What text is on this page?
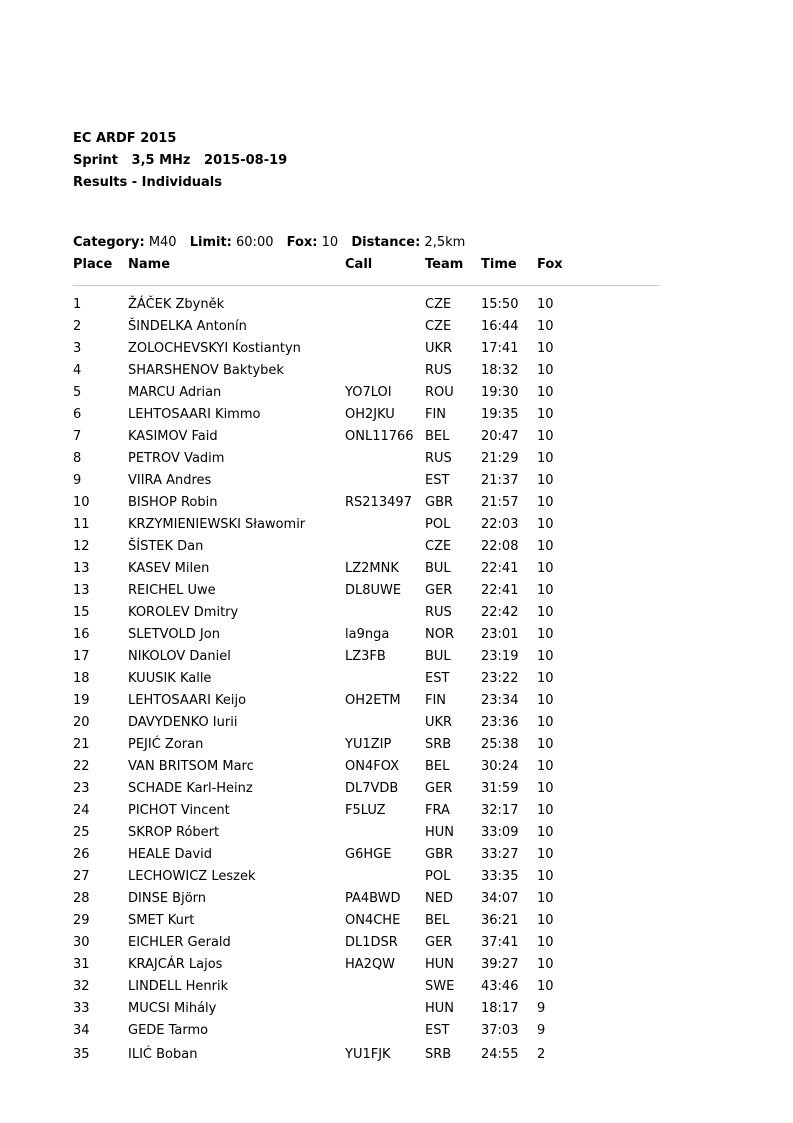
EC ARDF 2015
Sprint 3,5 MHz 2015-08-19
Results - Individuals
Category: M40 Limit: 60:00 Fox: 10 Distance: 2,5km
Place Name	Call	Team Time Fox
1	ŽÁČEK Zbyněk	CZE 15:50 10
2	ŠINDELKA Antonín	CZE 16:44 10
3	ZOLOCHEVSKYI Kostiantyn	UKR 17:41 10
4	SHARSHENOV Baktybek	RUS 18:32 10
5	MARCU Adrian	YO7LOI	ROU 19:30 10
6	LEHTOSAARI Kimmo	OH2JKU FIN	19:35 10
7	KASIMOV Faid	ONL11766 BEL 20:47 10
8	PETROV Vadim	RUS 21:29 10
9	VIIRA Andres	EST 21:37 10
10	BISHOP Robin	RS213497 GBR 21:57 10
11	KRZYMIENIEWSKI Sławomir	POL 22:03 10
12	ŠÍSTEK Dan	CZE 22:08 10
13	KASEV Milen	LZ2MNK BUL 22:41 10
13	REICHEL Uwe	DL8UWE GER 22:41 10
15	KOROLEV Dmitry	RUS 22:42 10
16	SLETVOLD Jon	la9nga	NOR 23:01 10
17	NIKOLOV Daniel	LZ3FB	BUL 23:19 10
18	KUUSIK Kalle	EST 23:22 10
19	LEHTOSAARI Keijo	OH2ETM FIN	23:34 10
20	DAVYDENKO Iurii	UKR 23:36 10
21	PEJIĆ Zoran	YU1ZIP	SRB 25:38 10
22	VAN BRITSOM Marc	ON4FOX BEL 30:24 10
23	SCHADE Karl-Heinz	DL7VDB GER 31:59 10
24	PICHOT Vincent	F5LUZ	FRA 32:17 10
25	SKROP Róbert	HUN 33:09 10
26	HEALE David	G6HGE	GBR 33:27 10
27	LECHOWICZ Leszek	POL 33:35 10
28	DINSE Björn	PA4BWD NED 34:07 10
29	SMET Kurt	ON4CHE BEL 36:21 10
30	EICHLER Gerald	DL1DSR GER 37:41 10
31	KRAJCÁR Lajos	HA2QW HUN 39:27 10
32	LINDELL Henrik	SWE 43:46 10
33	MUCSI Mihály	HUN 18:17 9
34	GEDE Tarmo	EST 37:03 9
35	ILIĆ Boban	YU1FJK	SRB 24:55 2
